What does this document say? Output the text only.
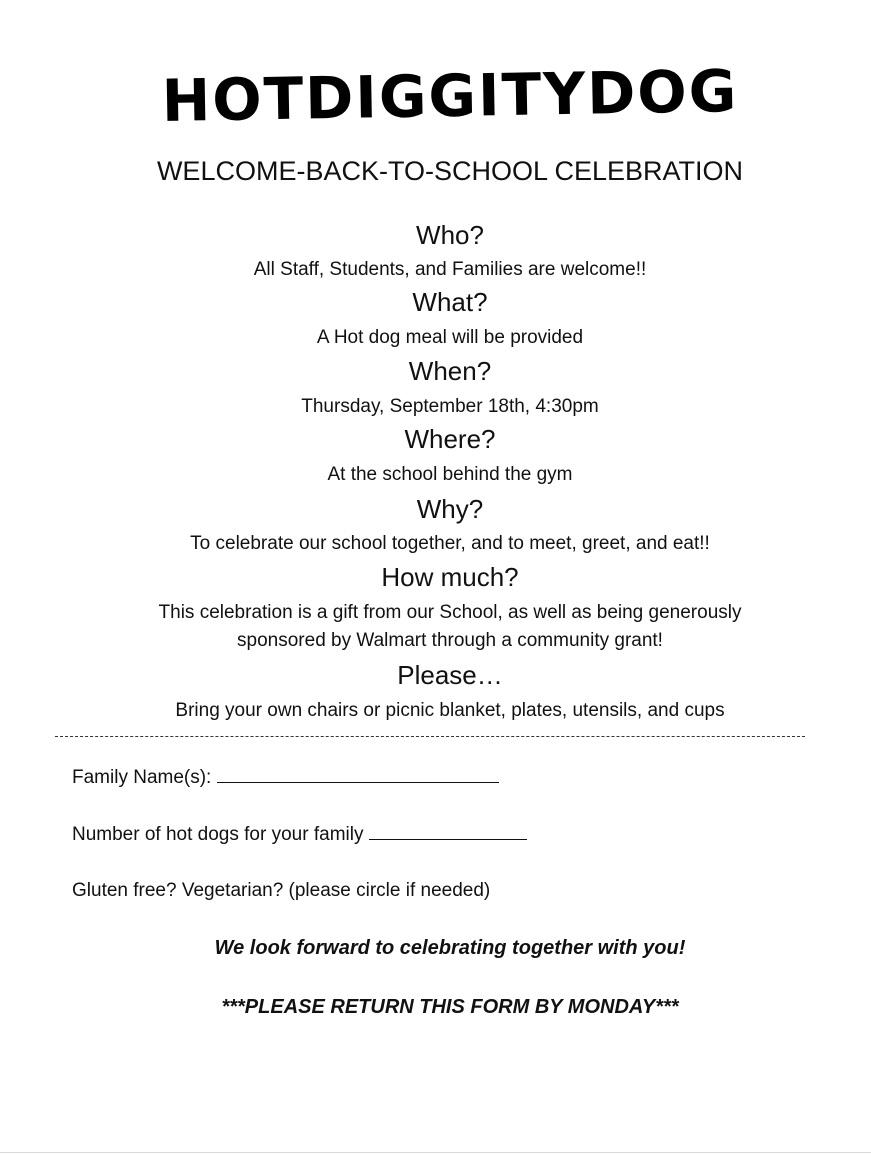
HOTDIGGITYDOG
WELCOME-BACK-TO-SCHOOL CELEBRATION
Who?
All Staff, Students, and Families are welcome!!
What?
A Hot dog meal will be provided
When?
Thursday, September 18th, 4:30pm
Where?
At the school behind the gym
Why?
To celebrate our school together, and to meet, greet, and eat!!
How much?
This celebration is a gift from our School, as well as being generously
sponsored by Walmart through a community grant!
Please…
Bring your own chairs or picnic blanket, plates, utensils, and cups
Family Name(s):
Number of hot dogs for your family
Gluten free? Vegetarian? (please circle if needed)
We look forward to celebrating together with you!
***PLEASE RETURN THIS FORM BY MONDAY***
